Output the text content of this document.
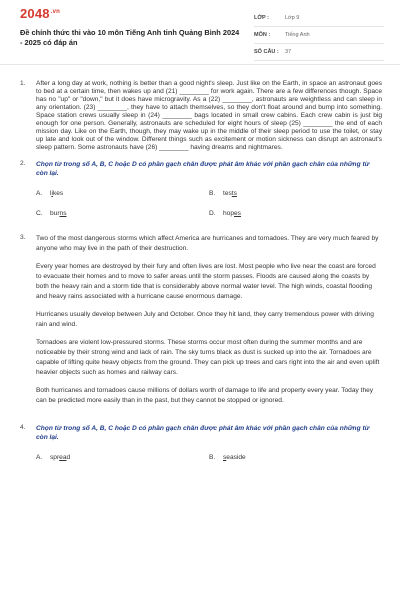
$2048^{.vn}$
Đề chính thức thi vào 10 môn Tiếng Anh tỉnh Quảng Bình 2024 - 2025 có đáp án
LỚP :	Lớp 9
MÔN :	Tiếng Anh
SỐ CÂU :	37
1.	After a long day at work, nothing is better than a good night's sleep. Just like on the Earth, in space an astronaut goes to bed at a certain time, then wakes up and (21) ________ for work again. There are a few differences though. Space has no "up" or "down," but it does have microgravity. As a (22) ________, astronauts are weightless and can sleep in any orientation. (23) ________, they have to attach themselves, so they don't float around and bump into something. Space station crews usually sleep in (24) ________ bags located in small crew cabins. Each crew cabin is just big enough for one person. Generally, astronauts are scheduled for eight hours of sleep (25) ________ the end of each mission day. Like on the Earth, though, they may wake up in the middle of their sleep period to use the toilet, or stay up late and look out of the window. Different things such as excitement or motion sickness can disrupt an astronaut's sleep pattern. Some astronauts have (26) ________ having dreams and nightmares.
2.	Chọn từ trong số A, B, C hoặc D có phần gạch chân được phát âm khác với phần gạch chân của những từ còn lại.
A.	likes	B.	tests
C.	burns	D.	hopes
3.	Two of the most dangerous storms which affect America are hurricanes and tornadoes. They are very much feared by anyone who may live in the path of their destruction.

Every year homes are destroyed by their fury and often lives are lost. Most people who live near the coast are forced to evacuate their homes and to move to safer areas until the storm passes. Floods are caused along the coasts by both the heavy rain and a storm tide that is considerably above normal water level. The high winds, coastal flooding and heavy rains associated with a hurricane cause enormous damage.

Hurricanes usually develop between July and October. Once they hit land, they carry tremendous power with driving rain and wind.

Tornadoes are violent low-pressured storms. These storms occur most often during the summer months and are noticeable by their strong wind and lack of rain. The sky turns black as dust is sucked up into the air. Tornadoes are capable of lifting quite heavy objects from the ground. They can pick up trees and cars right into the air and even uplift heavier objects such as homes and railway cars.

Both hurricanes and tornadoes cause millions of dollars worth of damage to life and property every year. Today they can be predicted more easily than in the past, but they cannot be stopped or ignored.

4.	Chọn từ trong số A, B, C hoặc D có phần gạch chân được phát âm khác với phần gạch chân của những từ còn lại.
A.	spread	B.	seaside
